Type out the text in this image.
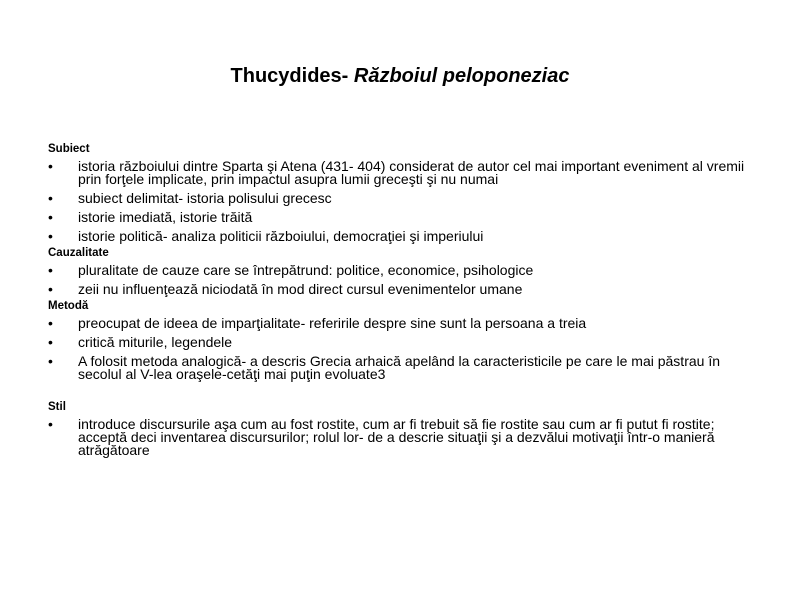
Thucydides- Războiul peloponeziac

Subiect

•	istoria războiului dintre Sparta şi Atena (431- 404) considerat de autor cel mai important eveniment al vremii prin forţele implicate, prin impactul asupra lumii greceşti şi nu numai
•	subiect delimitat- istoria polisului grecesc
•	istorie imediată, istorie trăită
•	istorie politică- analiza politicii războiului, democraţiei şi imperiului

Cauzalitate

•	pluralitate de cauze care se întrepătrund: politice, economice, psihologice
•	zeii nu influenţează niciodată în mod direct cursul evenimentelor umane

Metodă

•	preocupat de ideea de imparţialitate- referirile despre sine sunt la persoana a treia
•	critică miturile, legendele
•	A folosit metoda analogică- a descris Grecia arhaică apelând la caracteristicile pe care le mai păstrau în secolul al V-lea oraşele-cetăţi mai puţin evoluate3

Stil

•	introduce discursurile aşa cum au fost rostite, cum ar fi trebuit să fie rostite sau cum ar fi putut fi rostite; acceptă deci inventarea discursurilor; rolul lor- de a descrie situaţii şi a dezvălui motivaţii într-o manieră atrăgătoare
